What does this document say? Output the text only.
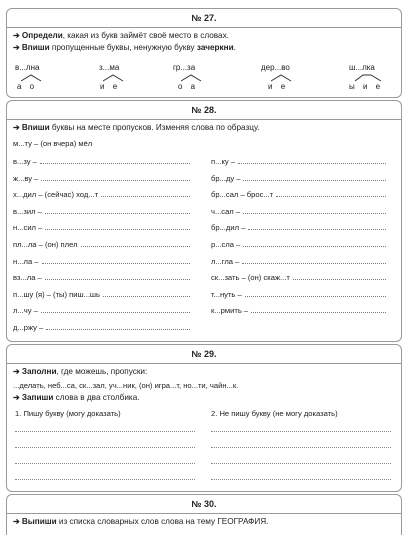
№ 27.
➔ Определи, какая из букв займёт своё место в словах.
➔ Впиши пропущенные буквы, ненужную букву зачеркни.
в...лна
а о
з...ма
и е
гр...за
о а
дер...во
и е
ш...лка
ы и е
№ 28.
➔ Впиши буквы на месте пропусков. Изменяя слова по образцу.
м...ту – (он вчера) мёл
в...зу –
ж...ву –
х...дил – (сейчас) ход...т
в...зил –
н...сил –
пл...ла – (он) плел
н...ла –
вз...ла –
п...шу (я) – (ты) пиш...шь
л...чу –
д...ржу –
п...ку –
бр...ду –
бр...сал – брос...т
ч...сал –
бр...дил –
р...сла –
л...гла –
ск...зать – (он) скаж...т
т...нуть –
к...рмить –
№ 29.
➔ Заполни, где можешь, пропуски:
...делать, неб...са, ск...зал, уч...ник, (он) игра...т, но...ти, чайн...к.
➔ Запиши слова в два столбика.
1. Пишу букву (могу доказать)	2. Не пишу букву (не могу доказать)
№ 30.
➔ Выпиши из списка словарных слов слова на тему ГЕОГРАФИЯ.
